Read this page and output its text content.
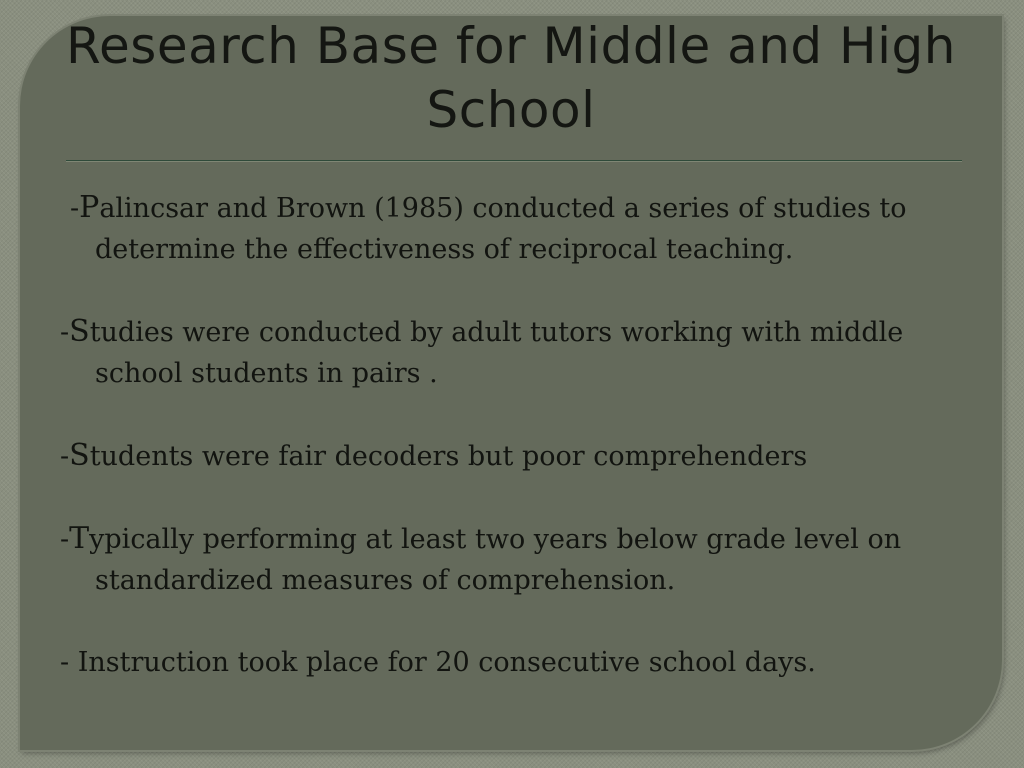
Research Base for Middle and High School

-Palincsar and Brown (1985) conducted a series of studies to determine the effectiveness of reciprocal teaching.

-Studies were conducted by adult tutors working with middle school students in pairs .

-Students were fair decoders but poor comprehenders

-Typically performing at least two years below grade level on standardized measures of comprehension.

- Instruction took place for 20 consecutive school days.
